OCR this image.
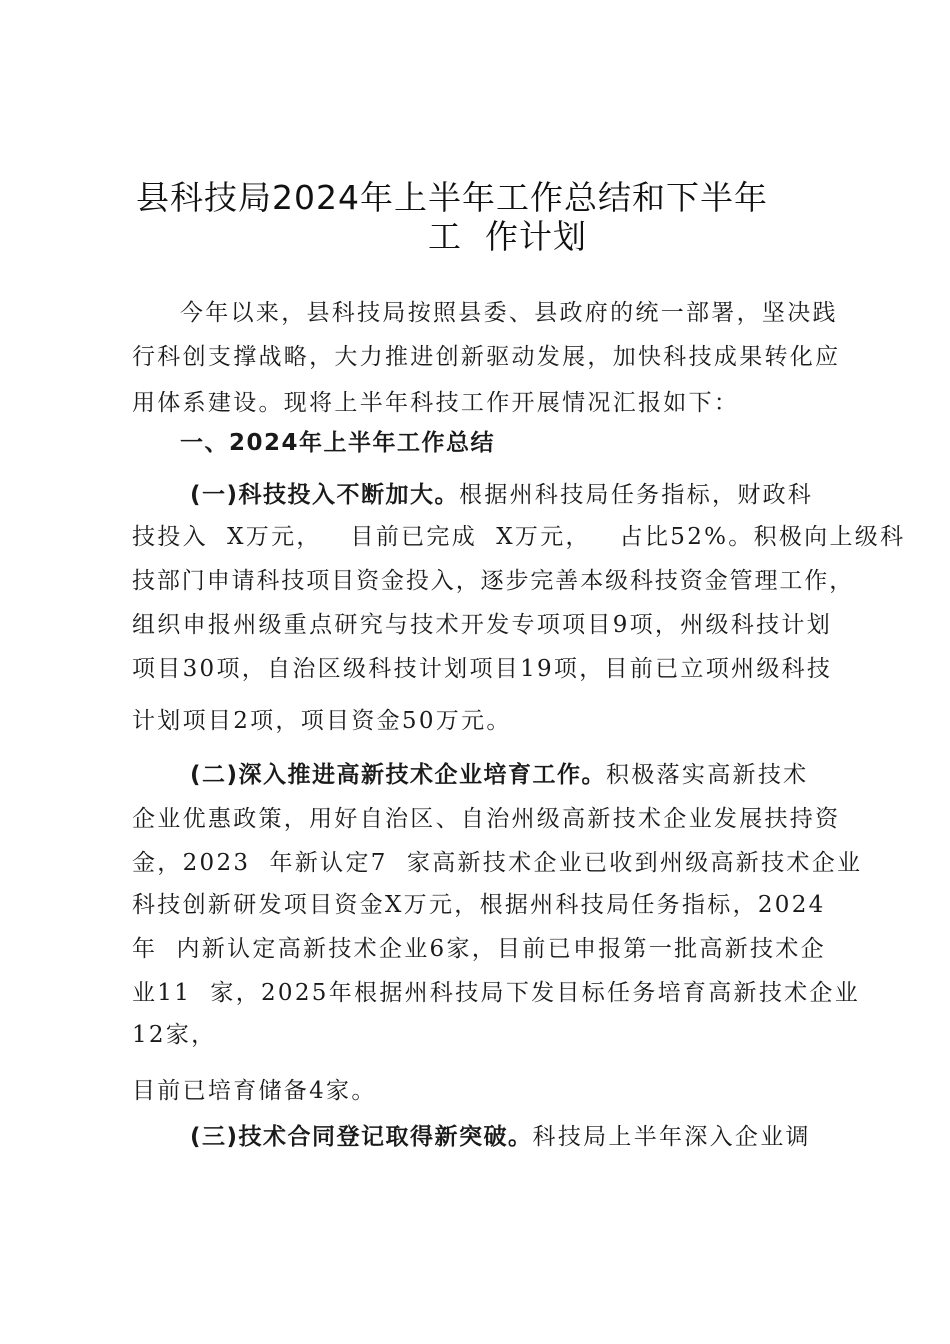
县科技局2024年上半年工作总结和下半年
工  作计划
今年以来，县科技局按照县委、县政府的统一部署，坚决践
行科创支撑战略，大力推进创新驱动发展，加快科技成果转化应
用体系建设。现将上半年科技工作开展情况汇报如下：
一、2024年上半年工作总结
(一)科技投入不断加大。根据州科技局任务指标，财政科
技投入  X万元，   目前已完成  X万元，   占比52%。积极向上级科
技部门申请科技项目资金投入，逐步完善本级科技资金管理工作，
组织申报州级重点研究与技术开发专项项目9项，州级科技计划
项目30项，自治区级科技计划项目19项，目前已立项州级科技
计划项目2项，项目资金50万元。
(二)深入推进高新技术企业培育工作。积极落实高新技术
企业优惠政策，用好自治区、自治州级高新技术企业发展扶持资
金，2023  年新认定7  家高新技术企业已收到州级高新技术企业
科技创新研发项目资金X万元，根据州科技局任务指标，2024
年  内新认定高新技术企业6家，目前已申报第一批高新技术企
业11  家，2025年根据州科技局下发目标任务培育高新技术企业
12家，
目前已培育储备4家。
(三)技术合同登记取得新突破。科技局上半年深入企业调
